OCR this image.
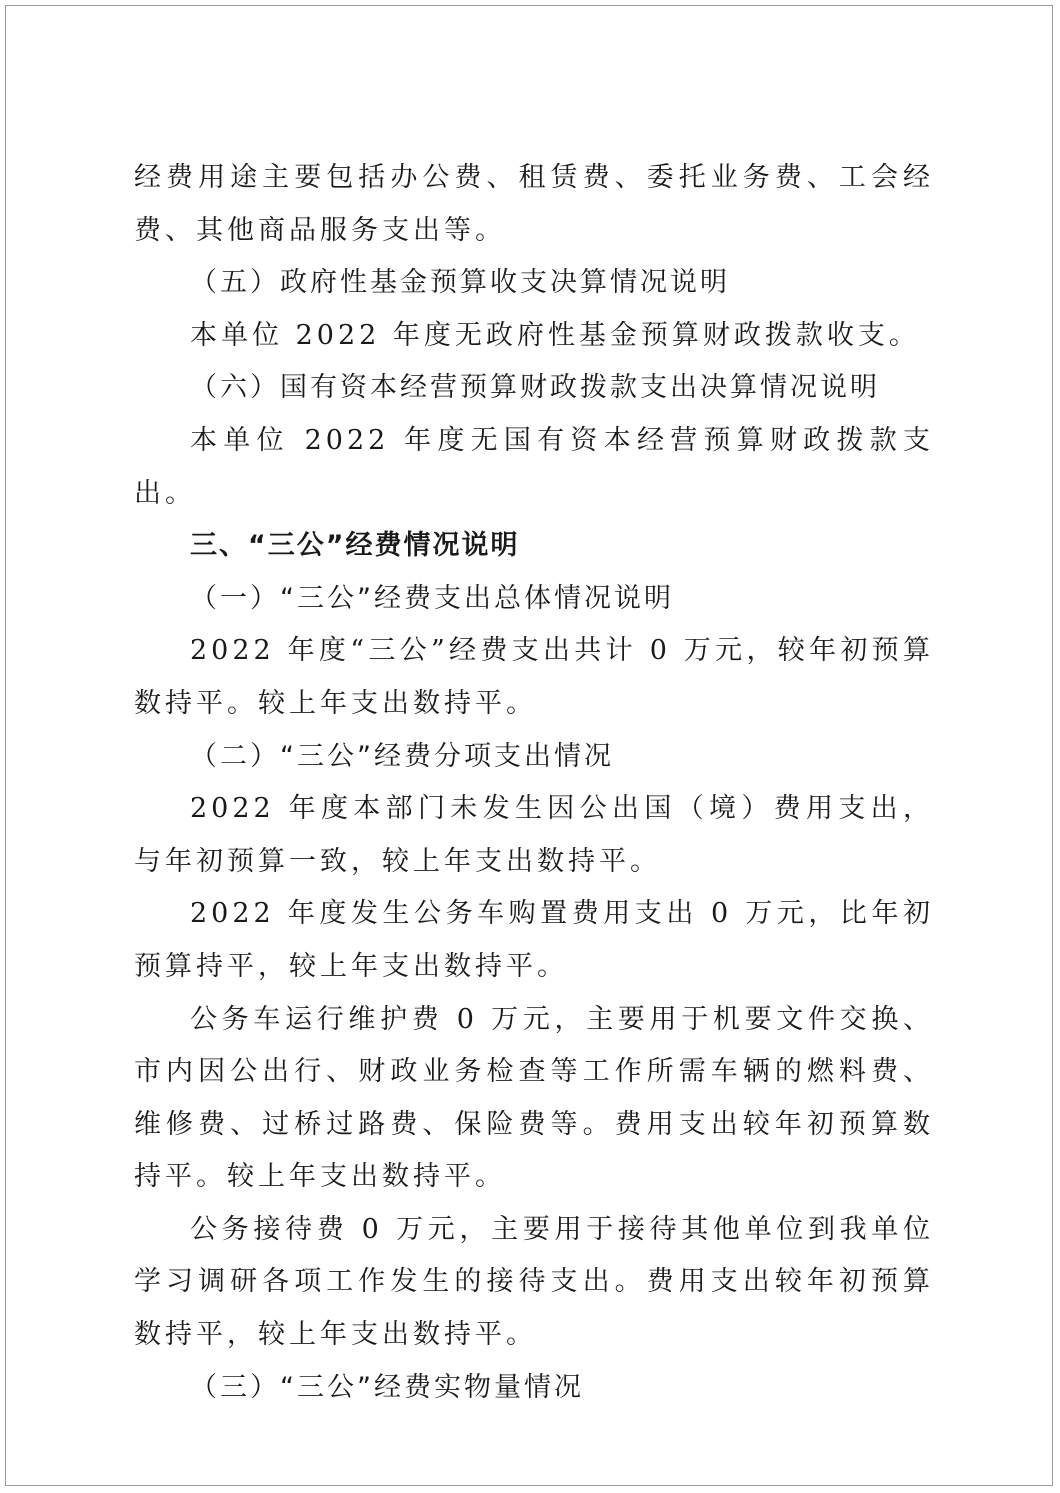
经费用途主要包括办公费、租赁费、委托业务费、工会经费、其他商品服务支出等。

（五）政府性基金预算收支决算情况说明

本单位 2022 年度无政府性基金预算财政拨款收支。

（六）国有资本经营预算财政拨款支出决算情况说明

本单位 2022 年度无国有资本经营预算财政拨款支出。

三、“三公”经费情况说明

（一）“三公”经费支出总体情况说明

2022 年度“三公”经费支出共计 0 万元，较年初预算数持平。较上年支出数持平。

（二）“三公”经费分项支出情况

2022 年度本部门未发生因公出国（境）费用支出，与年初预算一致，较上年支出数持平。

2022 年度发生公务车购置费用支出 0 万元，比年初预算持平，较上年支出数持平。

公务车运行维护费 0 万元，主要用于机要文件交换、市内因公出行、财政业务检查等工作所需车辆的燃料费、维修费、过桥过路费、保险费等。费用支出较年初预算数持平。较上年支出数持平。

公务接待费 0 万元，主要用于接待其他单位到我单位学习调研各项工作发生的接待支出。费用支出较年初预算数持平，较上年支出数持平。

（三）“三公”经费实物量情况
